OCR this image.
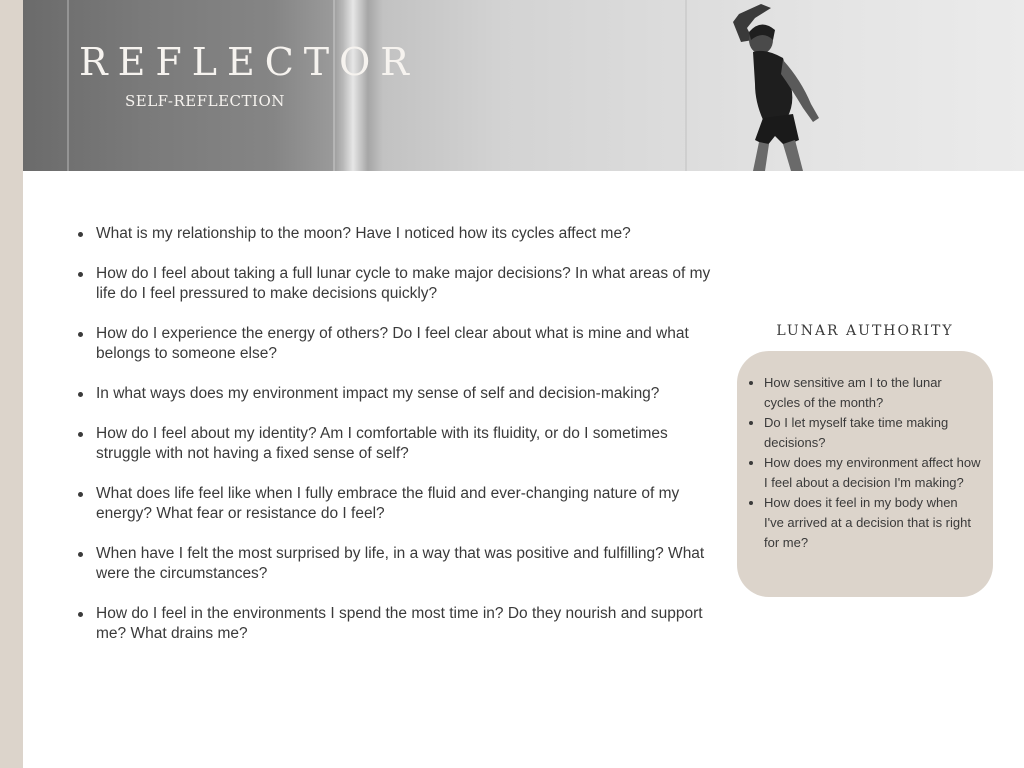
REFLECTOR
SELF-REFLECTION
What is my relationship to the moon? Have I noticed how its cycles affect me?
How do I feel about taking a full lunar cycle to make major decisions? In what areas of my life do I feel pressured to make decisions quickly?
How do I experience the energy of others? Do I feel clear about what is mine and what belongs to someone else?
In what ways does my environment impact my sense of self and decision-making?
How do I feel about my identity? Am I comfortable with its fluidity, or do I sometimes struggle with not having a fixed sense of self?
What does life feel like when I fully embrace the fluid and ever-changing nature of my energy? What fear or resistance do I feel?
When have I felt the most surprised by life, in a way that was positive and fulfilling? What were the circumstances?
How do I feel in the environments I spend the most time in? Do they nourish and support me? What drains me?
LUNAR AUTHORITY
How sensitive am I to the lunar cycles of the month?
Do I let myself take time making decisions?
How does my environment affect how I feel about a decision I'm making?
How does it feel in my body when I've arrived at a decision that is right for me?
